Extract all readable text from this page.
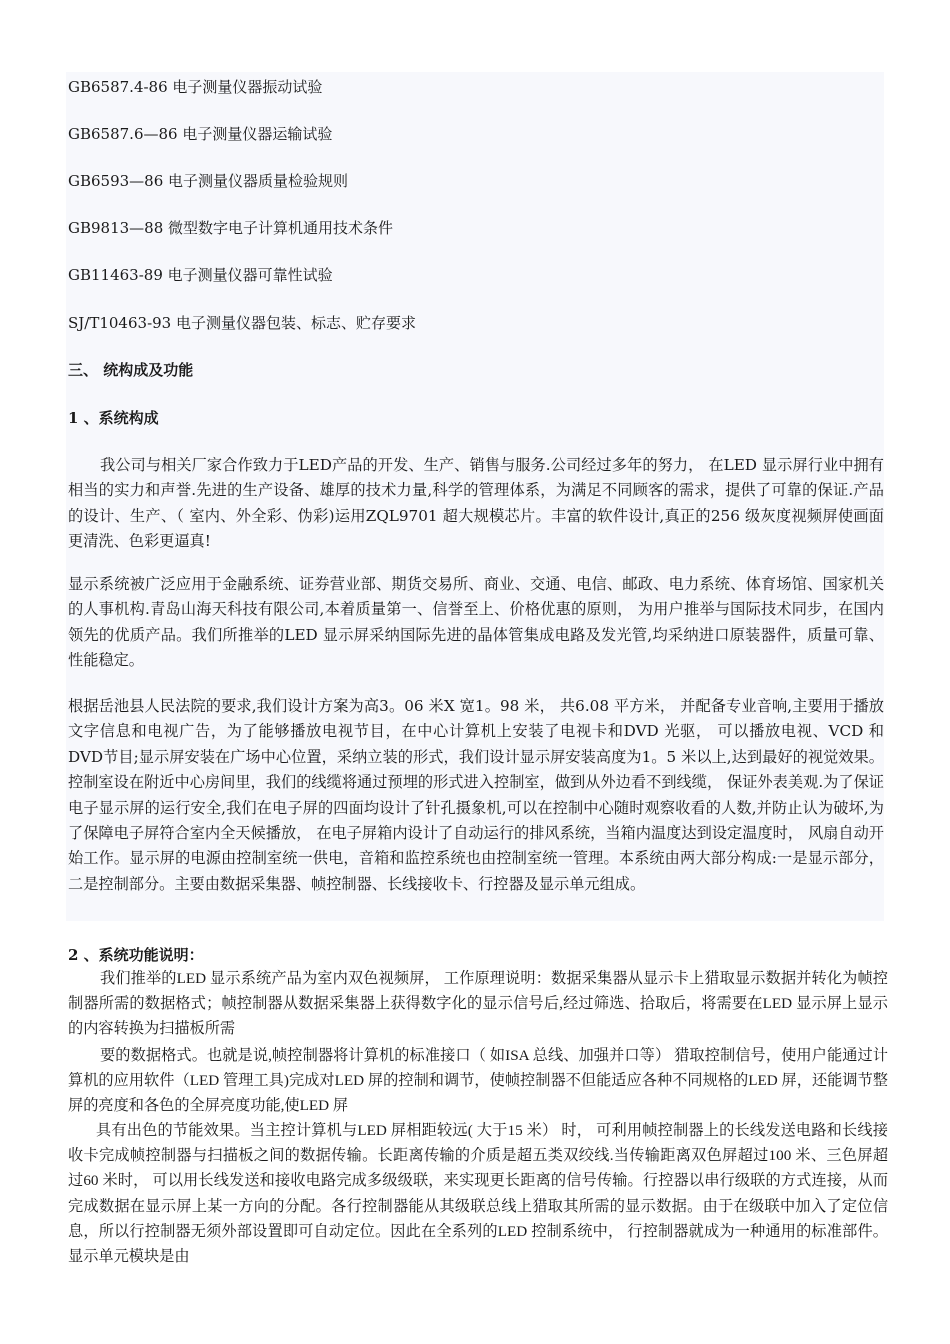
GB6587.4-86 电子测量仪器振动试验
GB6587.6—86 电子测量仪器运输试验
GB6593—86 电子测量仪器质量检验规则
GB9813—88 微型数字电子计算机通用技术条件
GB11463-89 电子测量仪器可靠性试验
SJ/T10463-93 电子测量仪器包装、标志、贮存要求
三、 统构成及功能
1 、系统构成

我公司与相关厂家合作致力于LED产品的开发、生产、销售与服务.公司经过多年的努力， 在LED 显示屏行业中拥有相当的实力和声誉.先进的生产设备、雄厚的技术力量,科学的管理体系，为满足不同顾客的需求，提供了可靠的保证.产品的设计、生产、（ 室内、外全彩、伪彩)运用ZQL9701 超大规模芯片。丰富的软件设计,真正的256 级灰度视频屏使画面更清洗、色彩更逼真!

显示系统被广泛应用于金融系统、证券营业部、期货交易所、商业、交通、电信、邮政、电力系统、体育场馆、国家机关的人事机构.青岛山海天科技有限公司,本着质量第一、信誉至上、价格优惠的原则， 为用户推举与国际技术同步，在国内领先的优质产品。我们所推举的LED 显示屏采纳国际先进的晶体管集成电路及发光管,均采纳进口原装器件，质量可靠、性能稳定。

根据岳池县人民法院的要求,我们设计方案为高3。06 米X 宽1。98 米， 共6.08 平方米， 并配备专业音响,主要用于播放文字信息和电视广告，为了能够播放电视节目，在中心计算机上安装了电视卡和DVD 光驱， 可以播放电视、VCD 和DVD节目;显示屏安装在广场中心位置，采纳立装的形式，我们设计显示屏安装高度为1。5 米以上,达到最好的视觉效果。控制室设在附近中心房间里，我们的线缆将通过预埋的形式进入控制室，做到从外边看不到线缆， 保证外表美观.为了保证电子显示屏的运行安全,我们在电子屏的四面均设计了针孔摄象机,可以在控制中心随时观察收看的人数,并防止认为破坏,为了保障电子屏符合室内全天候播放， 在电子屏箱内设计了自动运行的排风系统，当箱内温度达到设定温度时， 风扇自动开始工作。显示屏的电源由控制室统一供电，音箱和监控系统也由控制室统一管理。本系统由两大部分构成:一是显示部分，二是控制部分。主要由数据采集器、帧控制器、长线接收卡、行控器及显示单元组成。

2 、系统功能说明：

我们推举的LED 显示系统产品为室内双色视频屏， 工作原理说明：数据采集器从显示卡上猎取显示数据并转化为帧控制器所需的数据格式；帧控制器从数据采集器上获得数字化的显示信号后,经过筛选、拾取后，将需要在LED 显示屏上显示的内容转换为扫描板所需

要的数据格式。也就是说,帧控制器将计算机的标准接口（ 如ISA 总线、加强并口等） 猎取控制信号，使用户能通过计算机的应用软件（LED 管理工具)完成对LED 屏的控制和调节，使帧控制器不但能适应各种不同规格的LED 屏，还能调节整屏的亮度和各色的全屏亮度功能,使LED 屏

具有出色的节能效果。当主控计算机与LED 屏相距较远( 大于15 米） 时， 可利用帧控制器上的长线发送电路和长线接收卡完成帧控制器与扫描板之间的数据传输。长距离传输的介质是超五类双绞线.当传输距离双色屏超过100 米、三色屏超过60 米时， 可以用长线发送和接收电路完成多级级联，来实现更长距离的信号传输。行控器以串行级联的方式连接，从而完成数据在显示屏上某一方向的分配。各行控制器能从其级联总线上猎取其所需的显示数据。由于在级联中加入了定位信息，所以行控制器无须外部设置即可自动定位。因此在全系列的LED 控制系统中， 行控制器就成为一种通用的标准部件。显示单元模块是由
